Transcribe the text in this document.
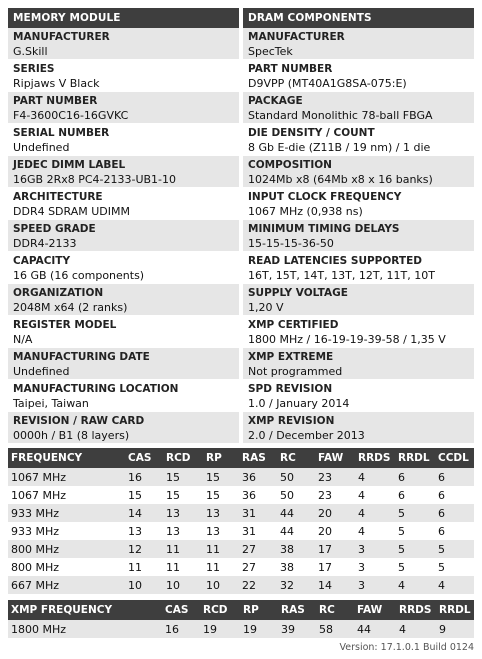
MEMORY MODULE
MANUFACTURER
G.Skill
SERIES
Ripjaws V Black
PART NUMBER
F4-3600C16-16GVKC
SERIAL NUMBER
Undefined
JEDEC DIMM LABEL
16GB 2Rx8 PC4-2133-UB1-10
ARCHITECTURE
DDR4 SDRAM UDIMM
SPEED GRADE
DDR4-2133
CAPACITY
16 GB (16 components)
ORGANIZATION
2048M x64 (2 ranks)
REGISTER MODEL
N/A
MANUFACTURING DATE
Undefined
MANUFACTURING LOCATION
Taipei, Taiwan
REVISION / RAW CARD
0000h / B1 (8 layers)
DRAM COMPONENTS
MANUFACTURER
SpecTek
PART NUMBER
D9VPP (MT40A1G8SA-075:E)
PACKAGE
Standard Monolithic 78-ball FBGA
DIE DENSITY / COUNT
8 Gb E-die (Z11B / 19 nm) / 1 die
COMPOSITION
1024Mb x8 (64Mb x8 x 16 banks)
INPUT CLOCK FREQUENCY
1067 MHz (0,938 ns)
MINIMUM TIMING DELAYS
15-15-15-36-50
READ LATENCIES SUPPORTED
16T, 15T, 14T, 13T, 12T, 11T, 10T
SUPPLY VOLTAGE
1,20 V
XMP CERTIFIED
1800 MHz / 16-19-19-39-58 / 1,35 V
XMP EXTREME
Not programmed
SPD REVISION
1.0 / January 2014
XMP REVISION
2.0 / December 2013
FREQUENCY	CAS	RCD	RP	RAS	RC	FAW	RRDS	RRDL	CCDL
1067 MHz	16	15	15	36	50	23	4	6	6
1067 MHz	15	15	15	36	50	23	4	6	6
933 MHz	14	13	13	31	44	20	4	5	6
933 MHz	13	13	13	31	44	20	4	5	6
800 MHz	12	11	11	27	38	17	3	5	5
800 MHz	11	11	11	27	38	17	3	5	5
667 MHz	10	10	10	22	32	14	3	4	4
XMP FREQUENCY	CAS	RCD	RP	RAS	RC	FAW	RRDS	RRDL
1800 MHz	16	19	19	39	58	44	4	9
Version: 17.1.0.1 Build 0124
